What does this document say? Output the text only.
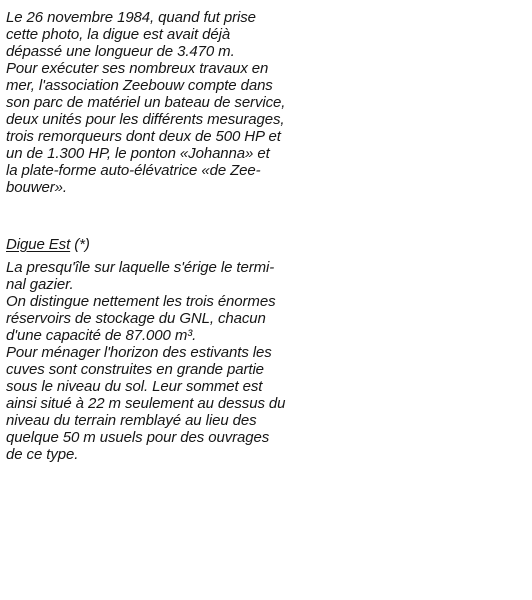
Le 26 novembre 1984, quand fut prise
cette photo, la digue est avait déjà
dépassé une longueur de 3.470 m.
Pour exécuter ses nombreux travaux en
mer, l'association Zeebouw compte dans
son parc de matériel un bateau de service,
deux unités pour les différents mesurages,
trois remorqueurs dont deux de 500 HP et
un de 1.300 HP, le ponton «Johanna» et
la plate-forme auto-élévatrice «de Zee-
bouwer».
Digue Est (*)
La presqu'île sur laquelle s'érige le termi-
nal gazier.
On distingue nettement les trois énormes
réservoirs de stockage du GNL, chacun
d'une capacité de 87.000 m³.
Pour ménager l'horizon des estivants les
cuves sont construites en grande partie
sous le niveau du sol. Leur sommet est
ainsi situé à 22 m seulement au dessus du
niveau du terrain remblayé au lieu des
quelque 50 m usuels pour des ouvrages
de ce type.
